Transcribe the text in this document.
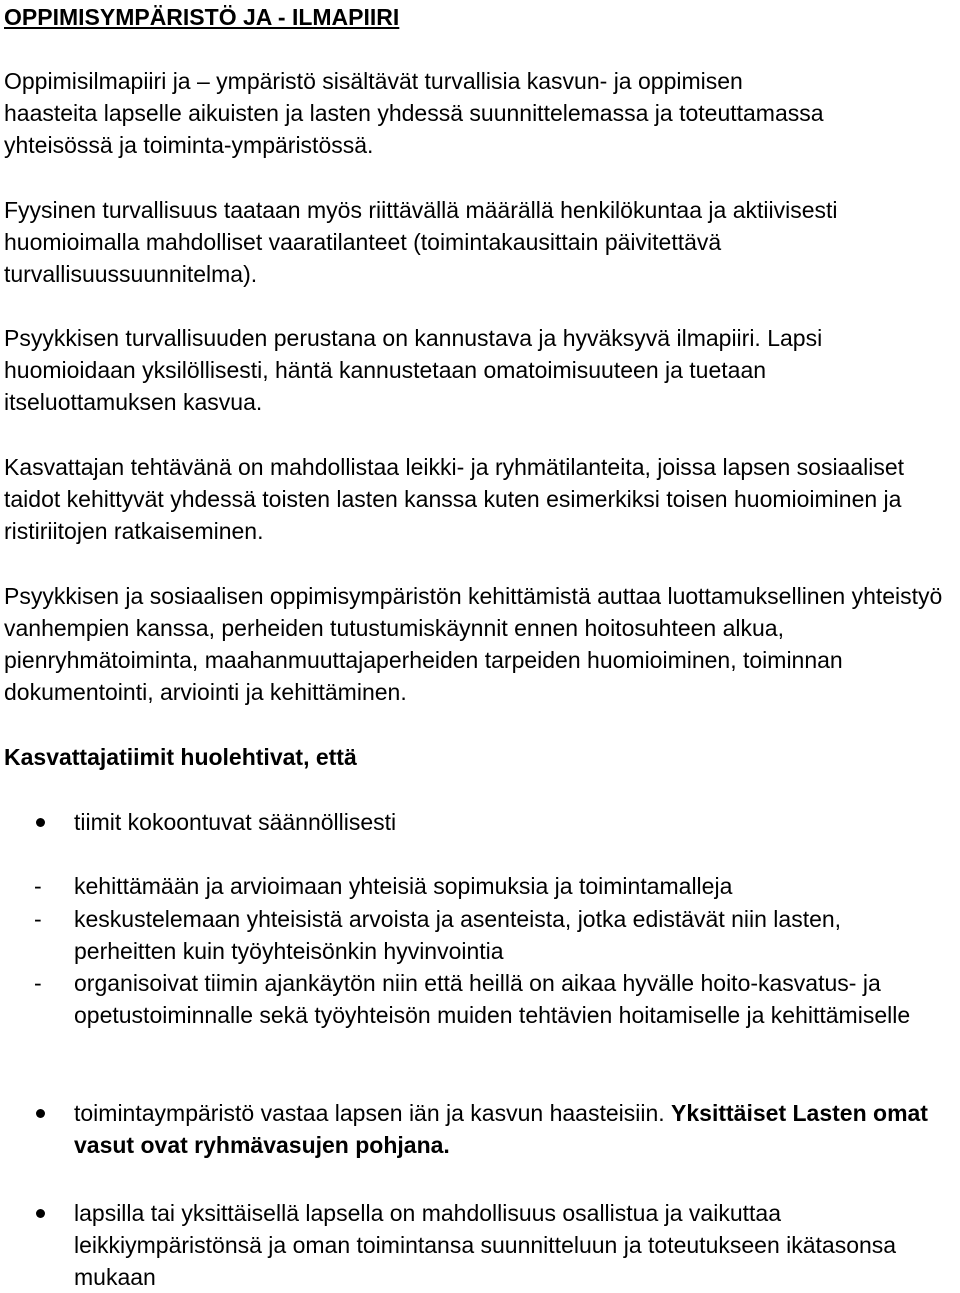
OPPIMISYMPÄRISTÖ JA - ILMAPIIRI

Oppimisilmapiiri ja – ympäristö sisältävät turvallisia kasvun- ja oppimisen haasteita lapselle aikuisten ja lasten yhdessä suunnittelemassa ja toteuttamassa yhteisössä ja toiminta-ympäristössä.

Fyysinen turvallisuus taataan myös riittävällä määrällä henkilökuntaa ja aktiivisesti huomioimalla mahdolliset vaaratilanteet (toimintakausittain päivitettävä turvallisuussuunnitelma).

Psyykkisen turvallisuuden perustana on kannustava ja hyväksyvä ilmapiiri. Lapsi huomioidaan yksilöllisesti, häntä kannustetaan omatoimisuuteen ja tuetaan itseluottamuksen kasvua.

Kasvattajan tehtävänä on mahdollistaa leikki- ja ryhmätilanteita, joissa lapsen sosiaaliset taidot kehittyvät yhdessä toisten lasten kanssa kuten esimerkiksi toisen huomioiminen ja ristiriitojen ratkaiseminen.

Psyykkisen ja sosiaalisen oppimisympäristön kehittämistä auttaa luottamuksellinen yhteistyö vanhempien kanssa, perheiden tutustumiskäynnit ennen hoitosuhteen alkua, pienryhmätoiminta, maahanmuuttajaperheiden tarpeiden huomioiminen, toiminnan dokumentointi, arviointi ja kehittäminen.

Kasvattajatiimit huolehtivat, että

tiimit kokoontuvat säännöllisesti
- kehittämään ja arvioimaan yhteisiä sopimuksia ja toimintamalleja
- keskustelemaan yhteisistä arvoista ja asenteista, jotka edistävät niin lasten, perheitten kuin työyhteisönkin hyvinvointia
- organisoivat tiimin ajankäytön niin että heillä on aikaa hyvälle hoito-kasvatus- ja opetustoiminnalle sekä työyhteisön muiden tehtävien hoitamiselle ja kehittämiselle
toimintaympäristö vastaa lapsen iän ja kasvun haasteisiin. Yksittäiset Lasten omat vasut ovat ryhmävasujen pohjana.
lapsilla tai yksittäisellä lapsella on mahdollisuus osallistua ja vaikuttaa leikkiympäristönsä ja oman toimintansa suunnitteluun ja toteutukseen ikätasonsa mukaan
